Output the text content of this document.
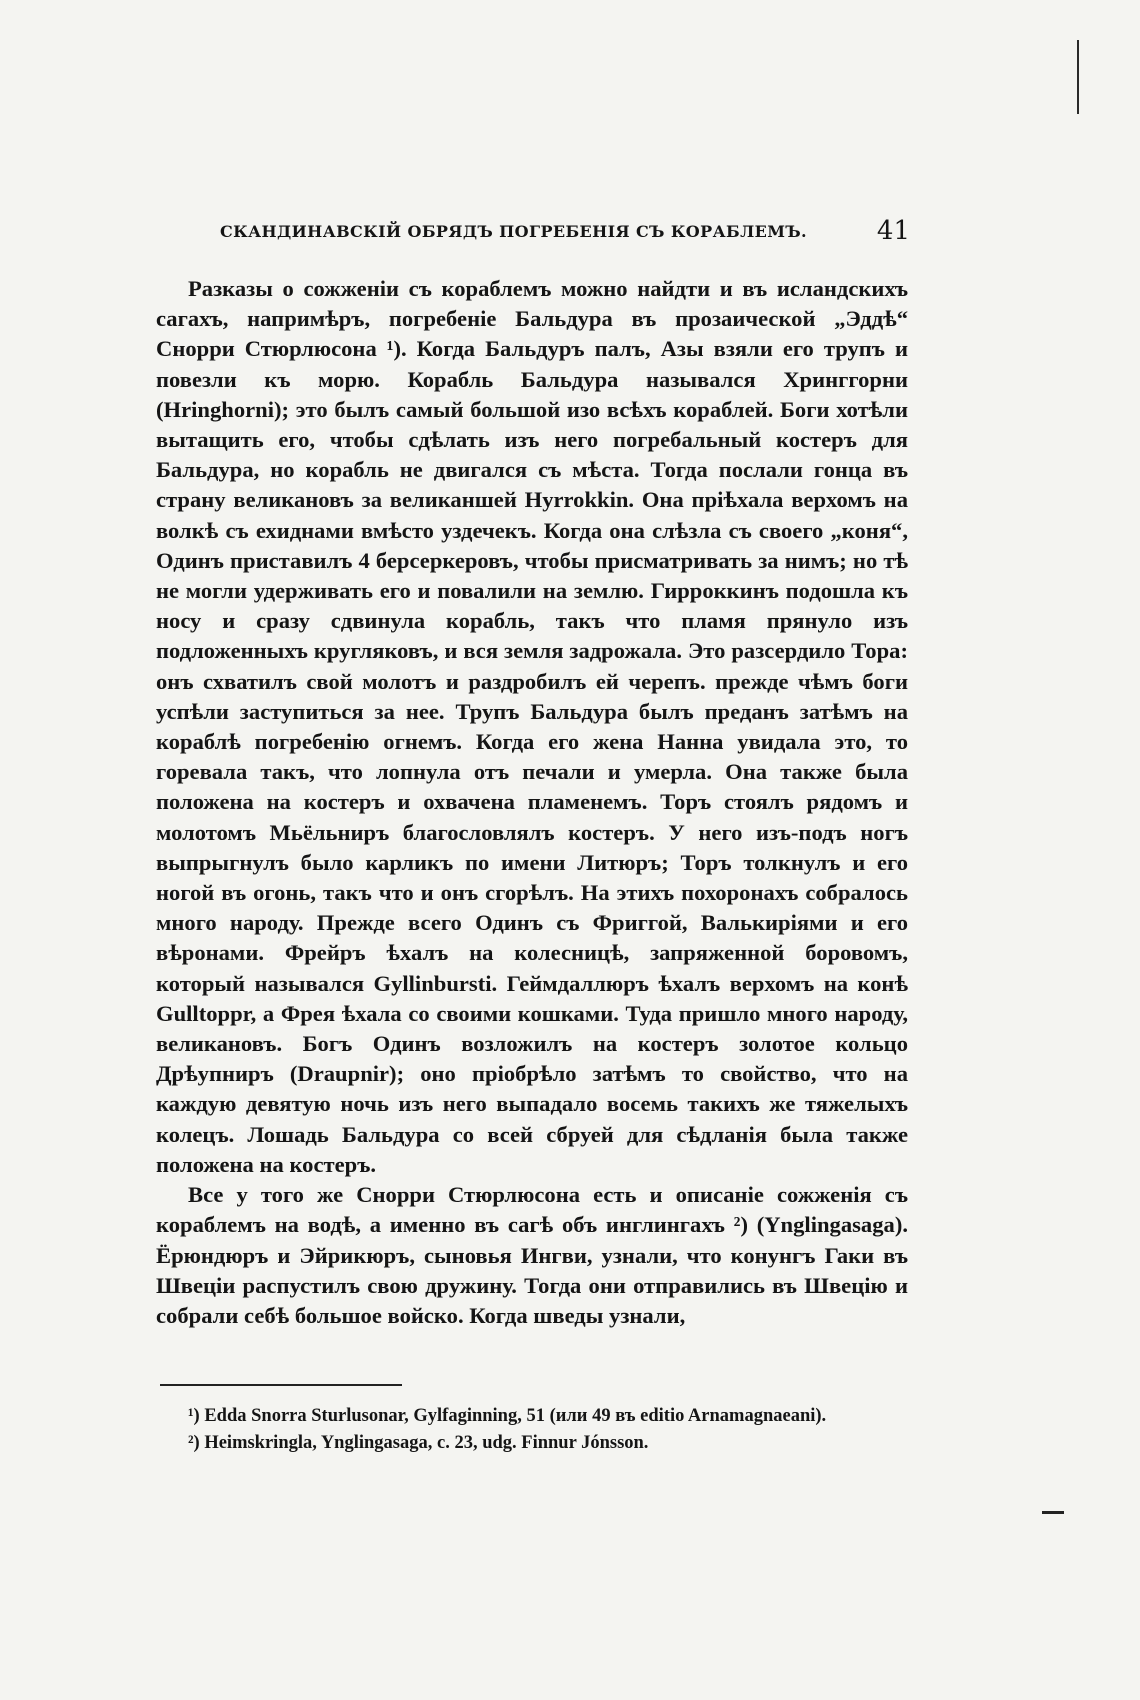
СКАНДИНАВСКІЙ ОБРЯДЪ ПОГРЕБЕНІЯ СЪ КОРАБЛЕМЪ.	41

Разказы о сожженіи съ кораблемъ можно найдти и въ исландскихъ сагахъ, напримѣръ, погребеніе Бальдура въ прозаической „Эддѣ“ Снорри Стюрлюсона ¹). Когда Бальдуръ палъ, Азы взяли его трупъ и повезли къ морю. Корабль Бальдура назывался Хринггорни (Hringhorni); это былъ самый большой изо всѣхъ кораблей. Боги хотѣли вытащить его, чтобы сдѣлать изъ него погребальный костеръ для Бальдура, но корабль не двигался съ мѣста. Тогда послали гонца въ страну великановъ за великаншей Hyrrokkin. Она пріѣхала верхомъ на волкѣ съ ехиднами вмѣсто уздечекъ. Когда она слѣзла съ своего „коня“, Одинъ приставилъ 4 берсеркеровъ, чтобы присматривать за нимъ; но тѣ не могли удерживать его и повалили на землю. Гирроккинъ подошла къ носу и сразу сдвинула корабль, такъ что пламя прянуло изъ подложенныхъ кругляковъ, и вся земля задрожала. Это разсердило Тора: онъ схватилъ свой молотъ и раздробилъ ей черепъ. прежде чѣмъ боги успѣли заступиться за нее. Трупъ Бальдура былъ преданъ затѣмъ на кораблѣ погребенію огнемъ. Когда его жена Нанна увидала это, то горевала такъ, что лопнула отъ печали и умерла. Она также была положена на костеръ и охвачена пламенемъ. Торъ стоялъ рядомъ и молотомъ Мьёльниръ благословлялъ костеръ. У него изъ-подъ ногъ выпрыгнулъ было карликъ по имени Литюръ; Торъ толкнулъ и его ногой въ огонь, такъ что и онъ сгорѣлъ. На этихъ похоронахъ собралось много народу. Прежде всего Одинъ съ Фриггой, Валькиріями и его вѣронами. Фрейръ ѣхалъ на колесницѣ, запряженной боровомъ, который назывался Gyllinbursti. Геймдаллюръ ѣхалъ верхомъ на конѣ Gulltoppr, а Фрея ѣхала со своими кошками. Туда пришло много народу, великановъ. Богъ Одинъ возложилъ на костеръ золотое кольцо Дрѣупниръ (Draupnir); оно пріобрѣло затѣмъ то свойство, что на каждую девятую ночь изъ него выпадало восемь такихъ же тяжелыхъ колецъ. Лошадь Бальдура со всей сбруей для сѣдланія была также положена на костеръ.

Все у того же Снорри Стюрлюсона есть и описаніе сожженія съ кораблемъ на водѣ, а именно въ сагѣ объ инглингахъ ²) (Ynglingasaga). Ёрюндюръ и Эйрикюръ, сыновья Ингви, узнали, что конунгъ Гаки въ Швеціи распустилъ свою дружину. Тогда они отправились въ Швецію и собрали себѣ большое войско. Когда шведы узнали,

¹) Edda Snorra Sturlusonar, Gylfaginning, 51 (или 49 въ editio Arnamagnaeani).

²) Heimskringla, Ynglingasaga, c. 23, udg. Finnur Jónsson.
